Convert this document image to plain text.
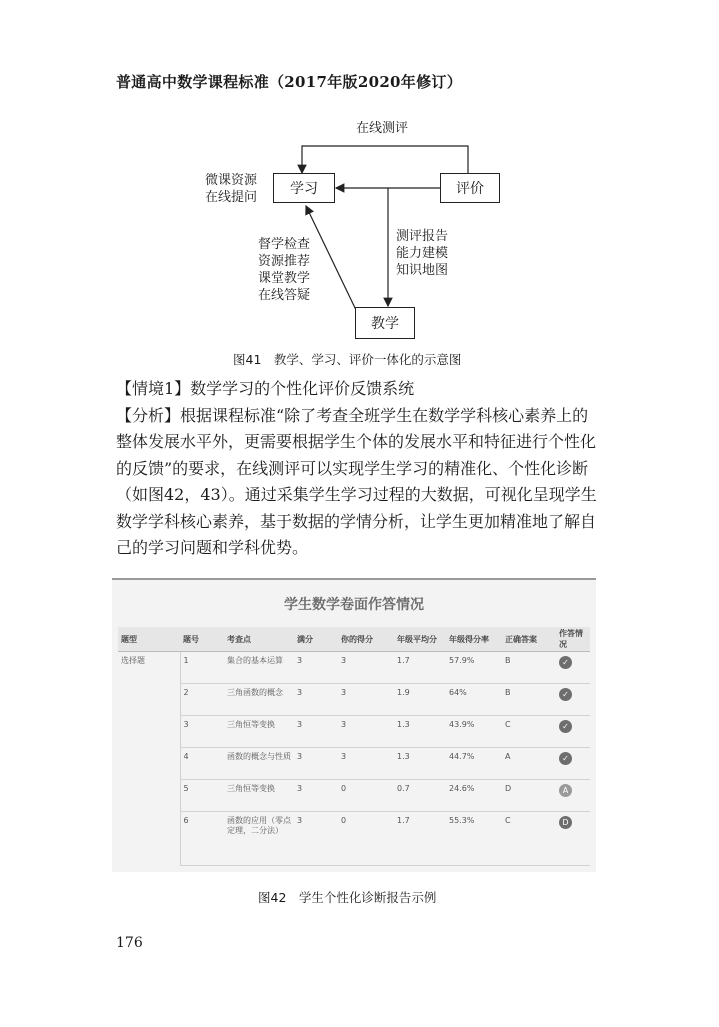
普通高中数学课程标准（2017年版2020年修订）
在线测评
学习	评价
教学
微课资源
在线提问
督学检查
资源推荐
课堂教学
在线答疑
测评报告
能力建模
知识地图
图41　教学、学习、评价一体化的示意图

【情境1】数学学习的个性化评价反馈系统

【分析】根据课程标准“除了考查全班学生在数学学科核心素养上的整体发展水平外，更需要根据学生个体的发展水平和特征进行个性化的反馈”的要求，在线测评可以实现学生学习的精准化、个性化诊断（如图42，43）。通过采集学生学习过程的大数据，可视化呈现学生数学学科核心素养，基于数据的学情分析，让学生更加精准地了解自己的学习问题和学科优势。

学生数学卷面作答情况
题型	题号	考查点	满分	你的得分	年级平均分	年级得分率	正确答案	作答情况
选择题	1	集合的基本运算	3	3	1.7	57.9%	B	✓
	2	三角函数的概念	3	3	1.9	64%	B	✓
	3	三角恒等变换	3	3	1.3	43.9%	C	✓
	4	函数的概念与性质	3	3	1.3	44.7%	A	✓
	5	三角恒等变换	3	0	0.7	24.6%	D	A
	6	函数的应用（零点定理，二分法）	3	0	1.7	55.3%	C	D
图42　学生个性化诊断报告示例
176
